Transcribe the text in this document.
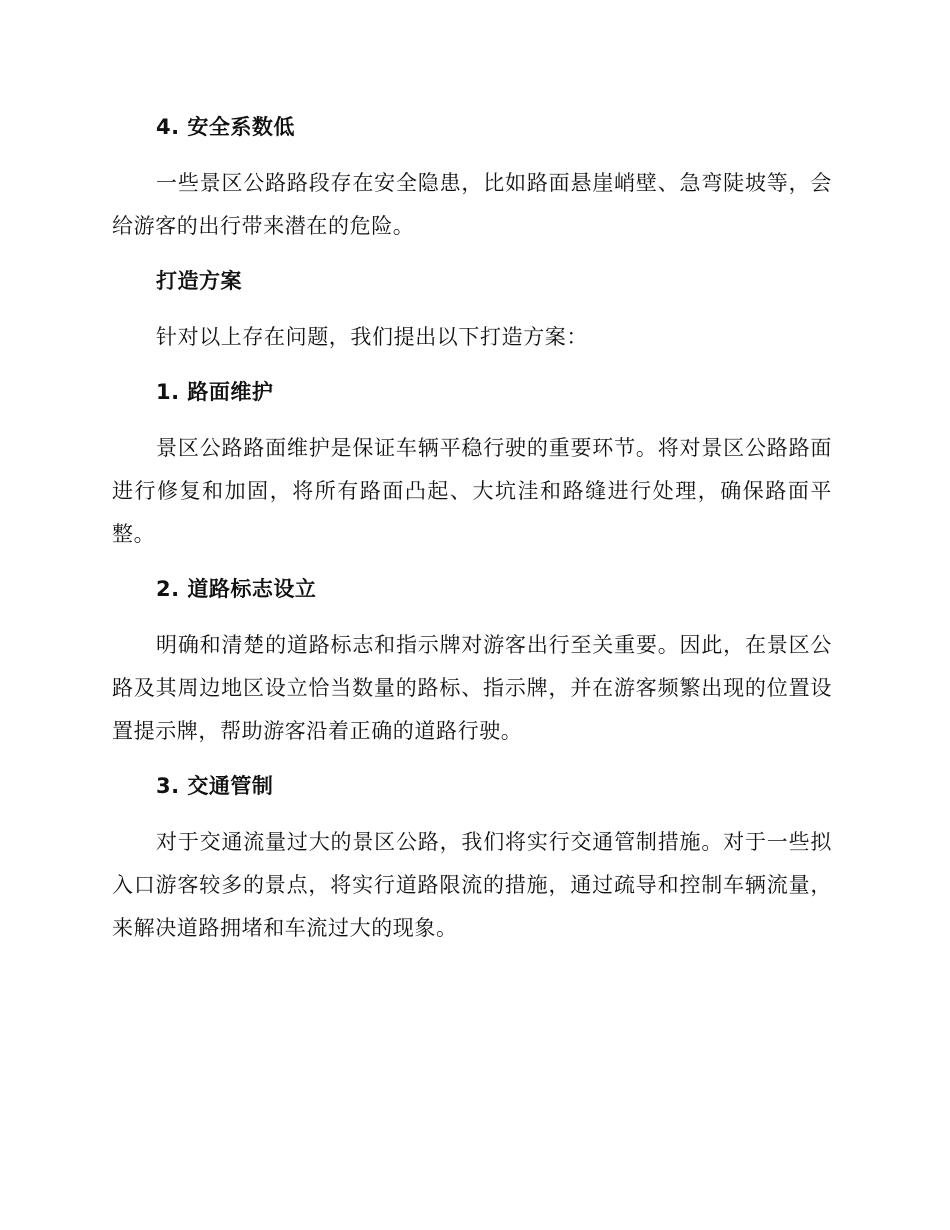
4. 安全系数低

一些景区公路路段存在安全隐患，比如路面悬崖峭壁、急弯陡坡等，会给游客的出行带来潜在的危险。

打造方案

针对以上存在问题，我们提出以下打造方案：

1. 路面维护

景区公路路面维护是保证车辆平稳行驶的重要环节。将对景区公路路面进行修复和加固，将所有路面凸起、大坑洼和路缝进行处理，确保路面平整。

2. 道路标志设立

明确和清楚的道路标志和指示牌对游客出行至关重要。因此，在景区公路及其周边地区设立恰当数量的路标、指示牌，并在游客频繁出现的位置设置提示牌，帮助游客沿着正确的道路行驶。

3. 交通管制

对于交通流量过大的景区公路，我们将实行交通管制措施。对于一些拟入口游客较多的景点，将实行道路限流的措施，通过疏导和控制车辆流量，来解决道路拥堵和车流过大的现象。
